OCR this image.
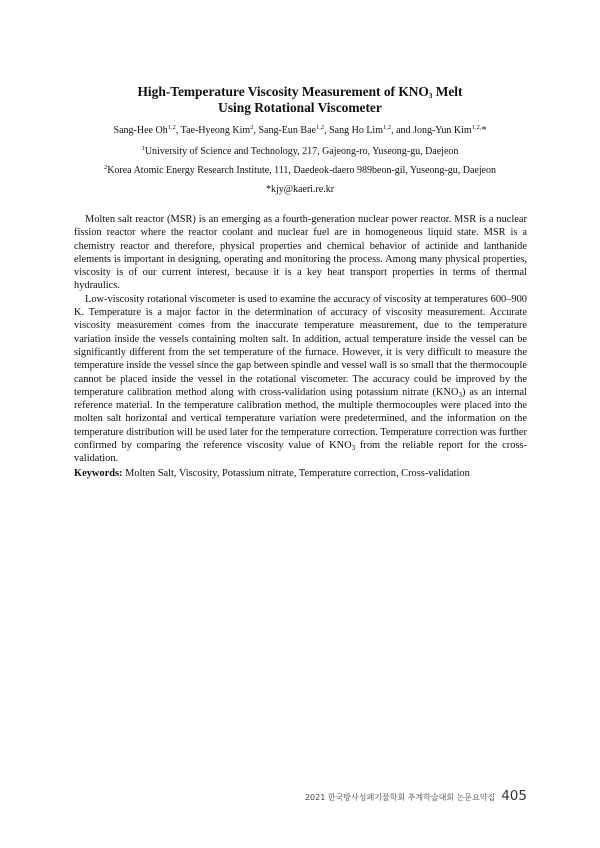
High-Temperature Viscosity Measurement of $KNO_3$ Melt
Using Rotational Viscometer
Sang-Hee Oh$^{1,2}$, Tae-Hyeong Kim$^2$, Sang-Eun Bae$^{1,2}$, Sang Ho Lim$^{1,2}$, and Jong-Yun Kim$^{1,2,}$*
$^1$University of Science and Technology, 217, Gajeong-ro, Yuseong-gu, Daejeon
$^2$Korea Atomic Energy Research Institute, 111, Daedeok-daero 989beon-gil, Yuseong-gu, Daejeon
*kjy@kaeri.re.kr

Molten salt reactor (MSR) is an emerging as a fourth-generation nuclear power reactor. MSR is a nuclear fission reactor where the reactor coolant and nuclear fuel are in homogeneous liquid state. MSR is a chemistry reactor and therefore, physical properties and chemical behavior of actinide and lanthanide elements is important in designing, operating and monitoring the process. Among many physical properties, viscosity is of our current interest, because it is a key heat transport properties in terms of thermal hydraulics.

Low-viscosity rotational viscometer is used to examine the accuracy of viscosity at temperatures 600–900 K. Temperature is a major factor in the determination of accuracy of viscosity measurement. Accurate viscosity measurement comes from the inaccurate temperature measurement, due to the temperature variation inside the vessels containing molten salt. In addition, actual temperature inside the vessel can be significantly different from the set temperature of the furnace. However, it is very difficult to measure the temperature inside the vessel since the gap between spindle and vessel wall is so small that the thermocouple cannot be placed inside the vessel in the rotational viscometer. The accuracy could be improved by the temperature calibration method along with cross-validation using potassium nitrate $(KNO_3)$ as an internal reference material. In the temperature calibration method, the multiple thermocouples were placed into the molten salt horizontal and vertical temperature variation were predetermined, and the information on the temperature distribution will be used later for the temperature correction. Temperature correction was further confirmed by comparing the reference viscosity value of $KNO_3$ from the reliable report for the cross-validation.

Keywords: Molten Salt, Viscosity, Potassium nitrate, Temperature correction, Cross-validation
2021 한국방사성폐기물학회 추계학술대회 논문요약집 405
